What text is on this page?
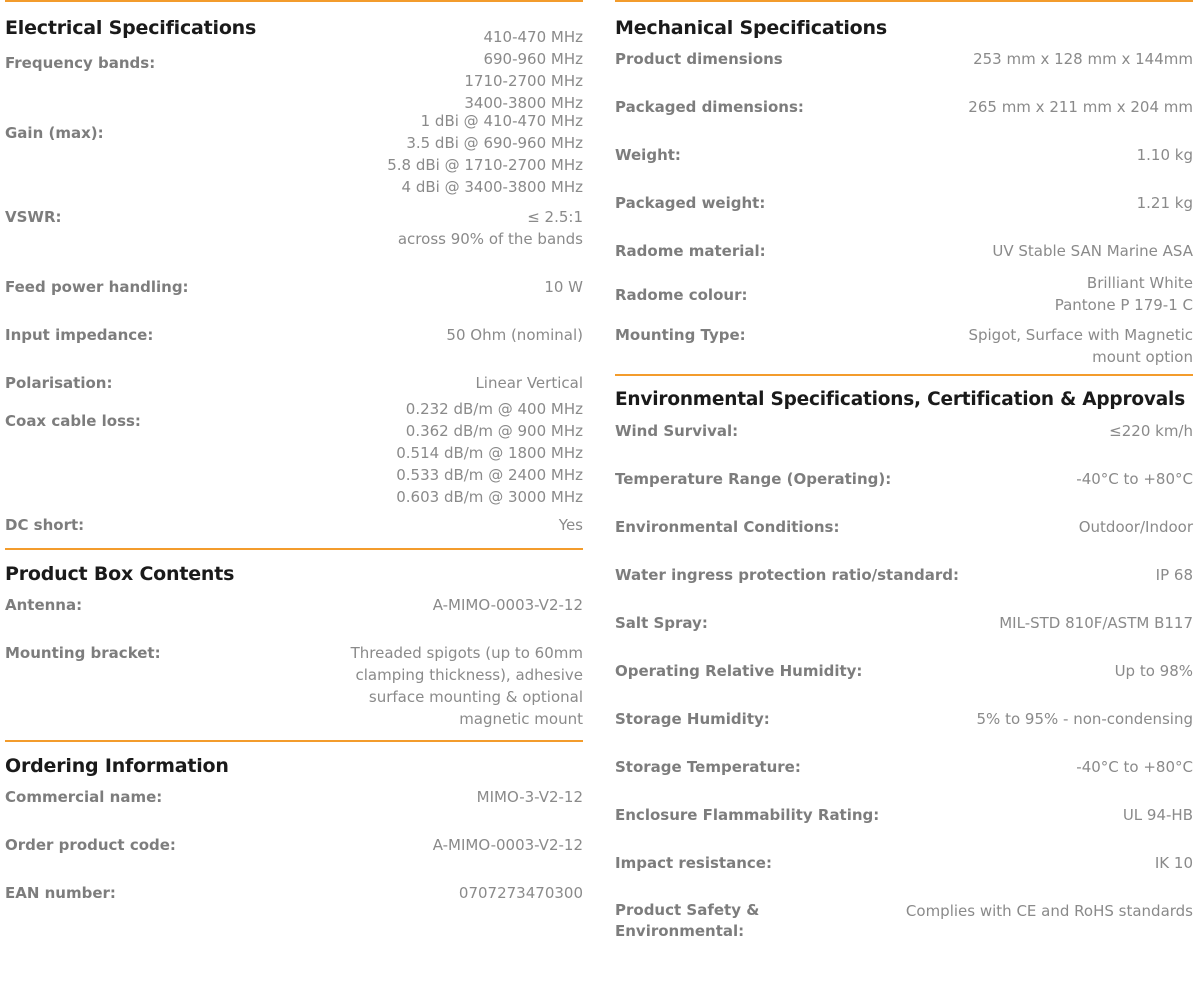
Electrical Specifications
Frequency bands:
410-470 MHz
690-960 MHz
1710-2700 MHz
3400-3800 MHz
Gain (max):
1 dBi @ 410-470 MHz
3.5 dBi @ 690-960 MHz
5.8 dBi @ 1710-2700 MHz
4 dBi @ 3400-3800 MHz
VSWR:	≤ 2.5:1
across 90% of the bands
Feed power handling:	10 W
Input impedance:	50 Ohm (nominal)
Polarisation:	Linear Vertical
Coax cable loss:
0.232 dB/m @ 400 MHz
0.362 dB/m @ 900 MHz
0.514 dB/m @ 1800 MHz
0.533 dB/m @ 2400 MHz
0.603 dB/m @ 3000 MHz
DC short:	Yes
Product Box Contents
Antenna:	A-MIMO-0003-V2-12
Mounting bracket:	Threaded spigots (up to 60mm
clamping thickness), adhesive
surface mounting & optional
magnetic mount
Ordering Information
Commercial name:	MIMO-3-V2-12
Order product code:	A-MIMO-0003-V2-12
EAN number:	0707273470300
Mechanical Specifications
Product dimensions	253 mm x 128 mm x 144mm
Packaged dimensions:	265 mm x 211 mm x 204 mm
Weight:	1.10 kg
Packaged weight:	1.21 kg
Radome material:	UV Stable SAN Marine ASA
Radome colour:
Brilliant White
Pantone P 179-1 C
Mounting Type:	Spigot, Surface with Magnetic
mount option
Environmental Specifications, Certification & Approvals
Wind Survival:	≤220 km/h
Temperature Range (Operating):	-40°C to +80°C
Environmental Conditions:	Outdoor/Indoor
Water ingress protection ratio/standard:	IP 68
Salt Spray:	MIL-STD 810F/ASTM B117
Operating Relative Humidity:	Up to 98%
Storage Humidity:	5% to 95% - non-condensing
Storage Temperature:	-40°C to +80°C
Enclosure Flammability Rating:	UL 94-HB
Impact resistance:	IK 10
Product Safety & Environmental:
Complies with CE and RoHS standards
